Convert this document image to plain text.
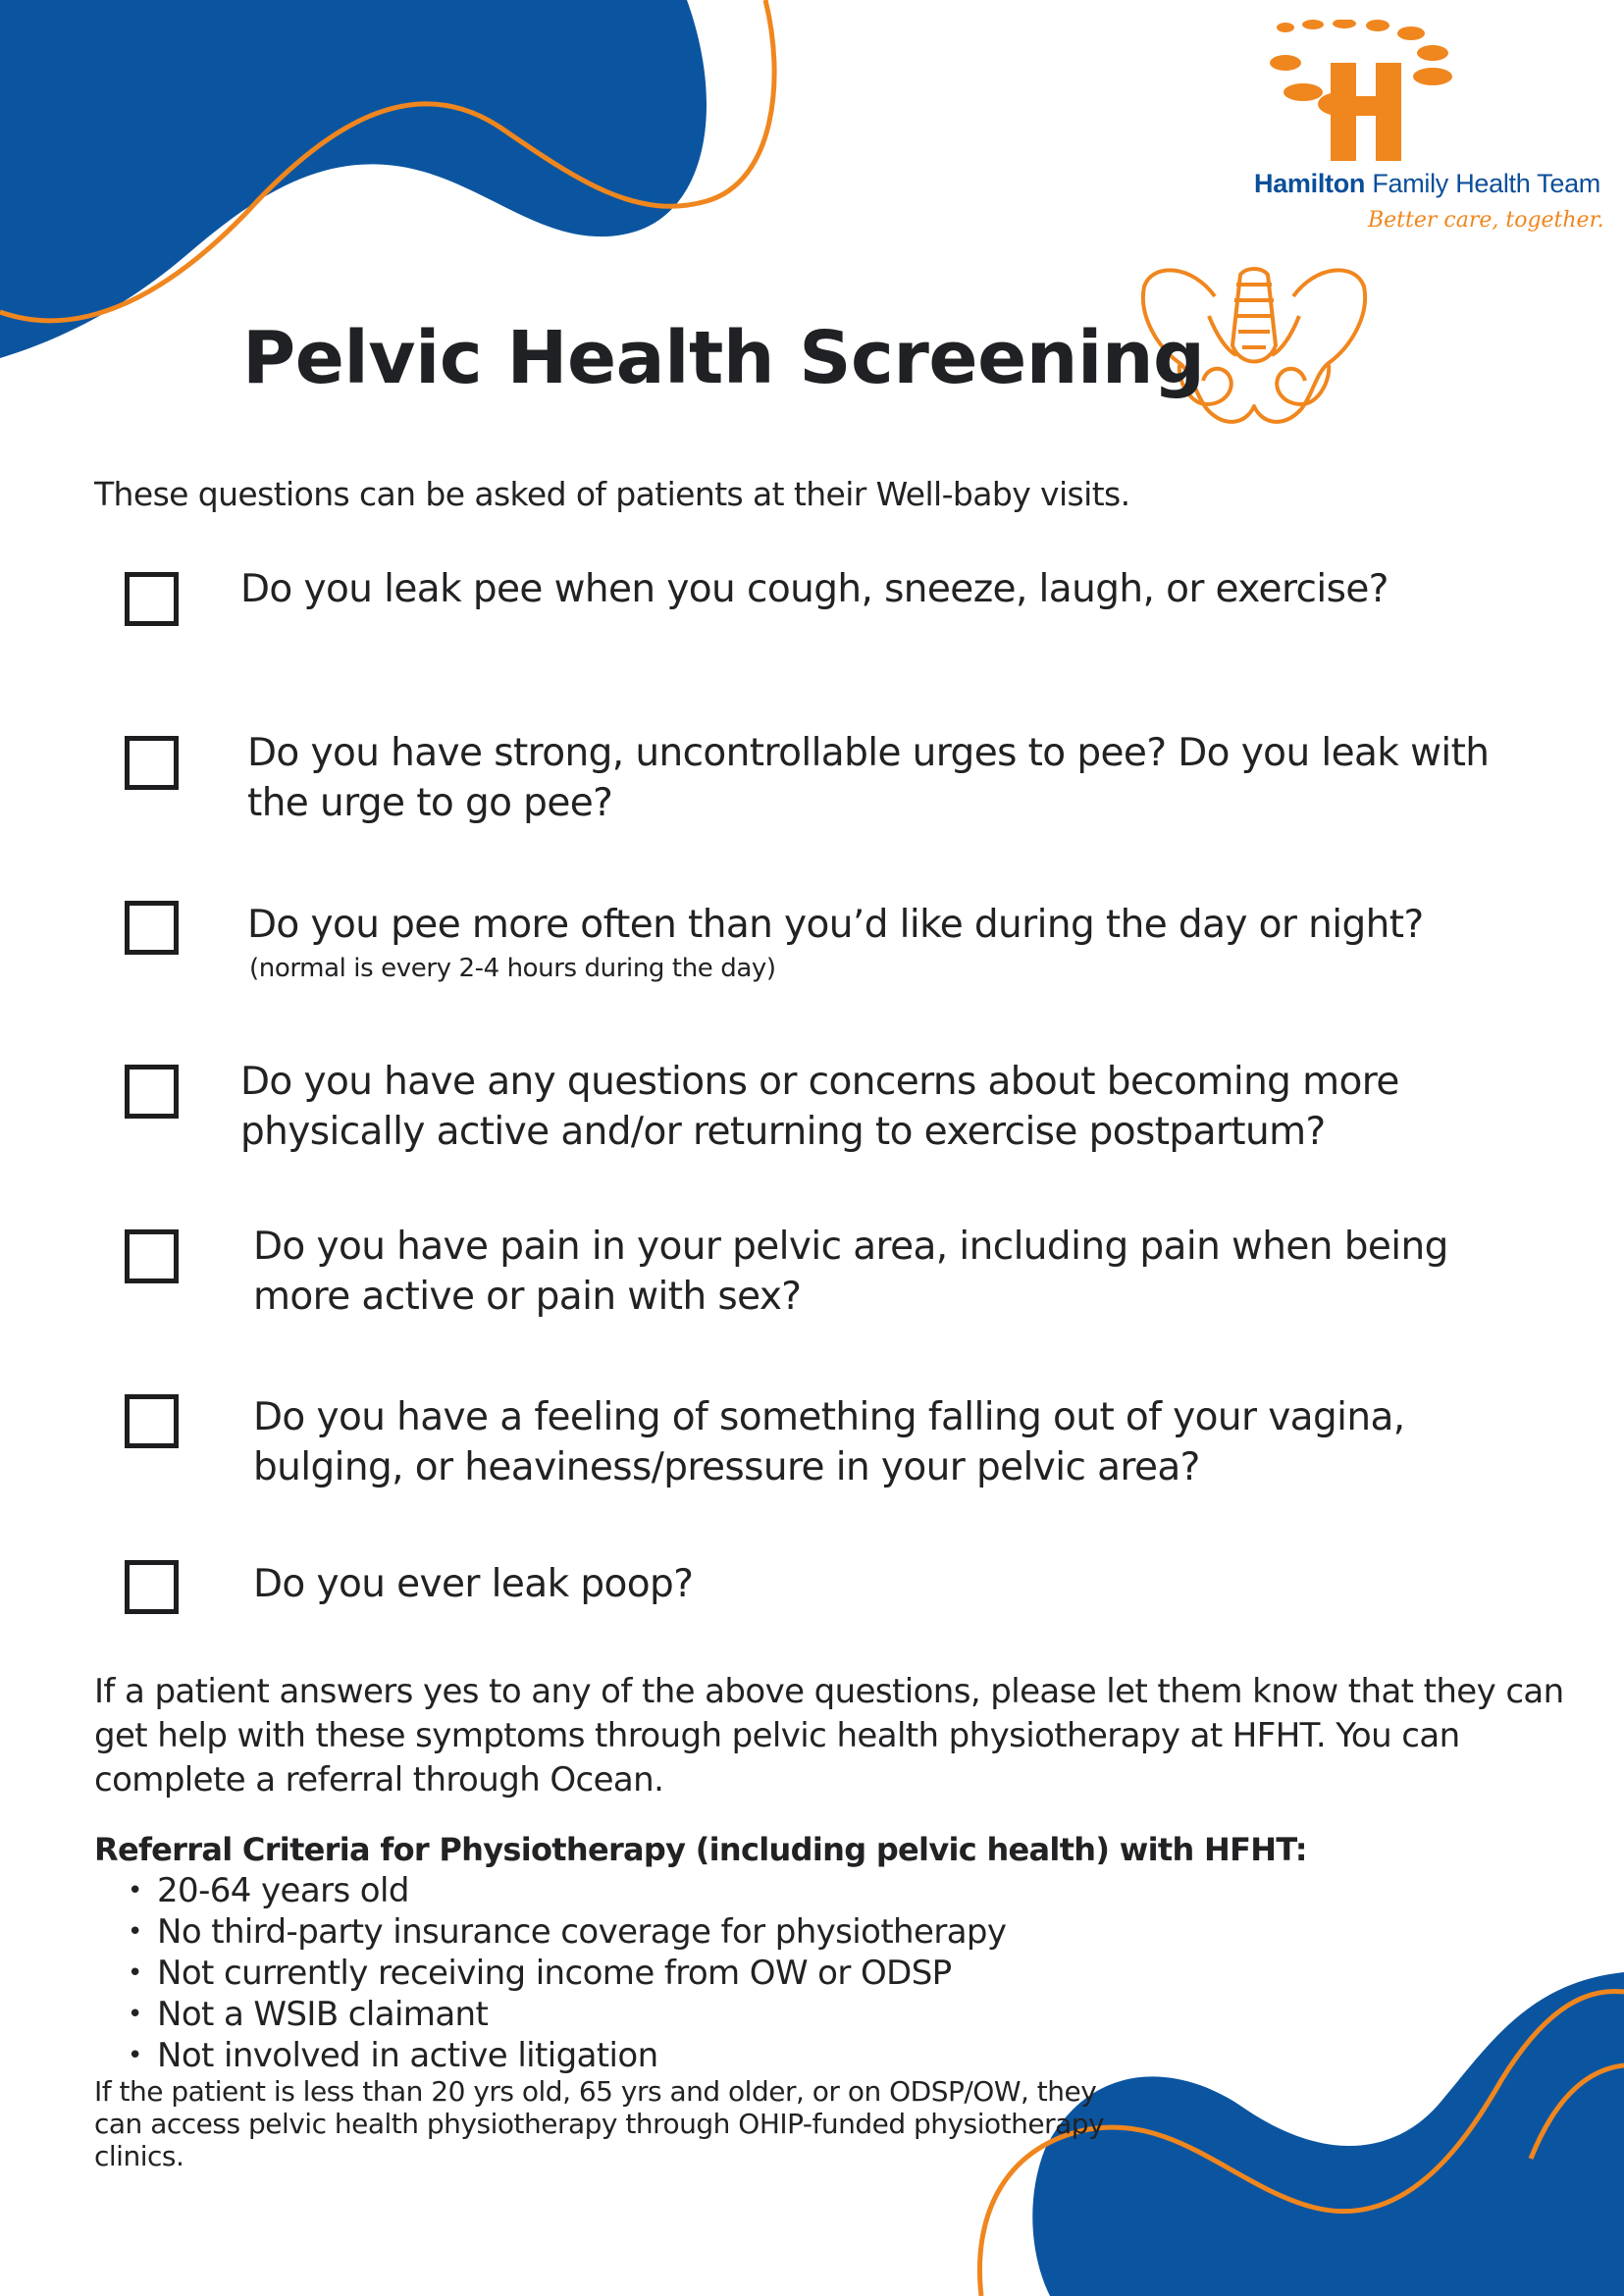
Hamilton Family Health Team
Better care, together.
Pelvic Health Screening
These questions can be asked of patients at their Well-baby visits.
Do you leak pee when you cough, sneeze, laugh, or exercise?
Do you have strong, uncontrollable urges to pee? Do you leak with
the urge to go pee?
Do you pee more often than you’d like during the day or night?
(normal is every 2-4 hours during the day)
Do you have any questions or concerns about becoming more
physically active and/or returning to exercise postpartum?
Do you have pain in your pelvic area, including pain when being
more active or pain with sex?
Do you have a feeling of something falling out of your vagina,
bulging, or heaviness/pressure in your pelvic area?
Do you ever leak poop?
If a patient answers yes to any of the above questions, please let them know that they can get help with these symptoms through pelvic health physiotherapy at HFHT. You can complete a referral through Ocean.
Referral Criteria for Physiotherapy (including pelvic health) with HFHT:
• 20-64 years old
• No third-party insurance coverage for physiotherapy
• Not currently receiving income from OW or ODSP
• Not a WSIB claimant
• Not involved in active litigation
If the patient is less than 20 yrs old, 65 yrs and older, or on ODSP/OW, they can access pelvic health physiotherapy through OHIP-funded physiotherapy clinics.
